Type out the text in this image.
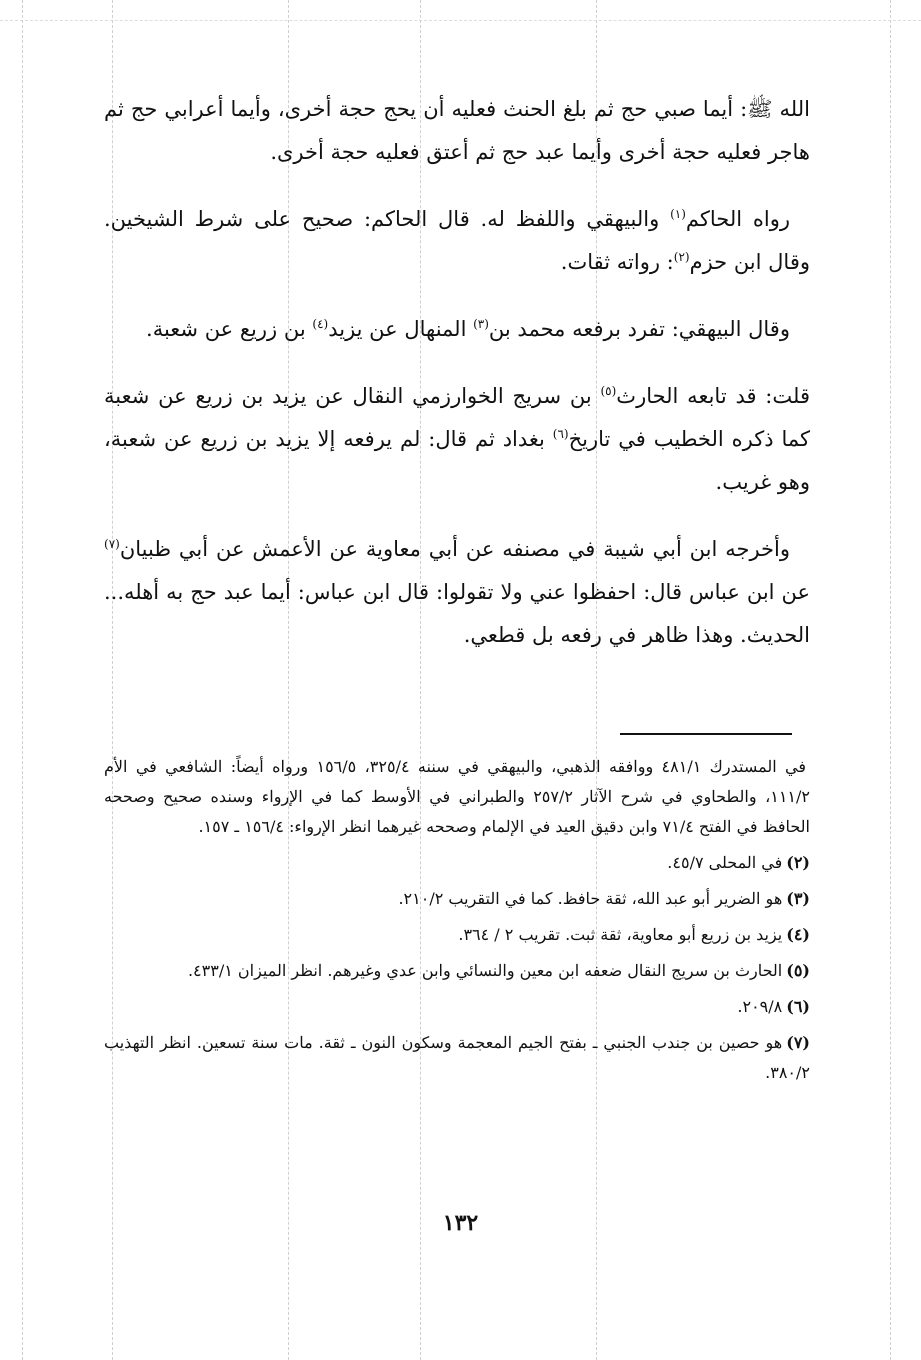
الله ﷺ: أيما صبي حج ثم بلغ الحنث فعليه أن يحج حجة أخرى، وأيما أعرابي حج ثم هاجر فعليه حجة أخرى وأيما عبد حج ثم أعتق فعليه حجة أخرى.

رواه الحاكم$^{(١)}$ والبيهقي واللفظ له. قال الحاكم: صحيح على شرط الشيخين. وقال ابن حزم$^{(٢)}$: رواته ثقات.

وقال البيهقي: تفرد برفعه محمد بن$^{(٣)}$ المنهال عن يزيد$^{(٤)}$ بن زريع عن شعبة.

قلت: قد تابعه الحارث$^{(٥)}$ بن سريج الخوارزمي النقال عن يزيد بن زريع عن شعبة كما ذكره الخطيب في تاريخ$^{(٦)}$ بغداد ثم قال: لم يرفعه إلا يزيد بن زريع عن شعبة، وهو غريب.

وأخرجه ابن أبي شيبة في مصنفه عن أبي معاوية عن الأعمش عن أبي ظبيان$^{(٧)}$ عن ابن عباس قال: احفظوا عني ولا تقولوا: قال ابن عباس: أيما عبد حج به أهله... الحديث. وهذا ظاهر في رفعه بل قطعي.

في المستدرك ٤٨١/١ ووافقه الذهبي، والبيهقي في سننه ٣٢٥/٤، ١٥٦/٥ ورواه أيضاً: الشافعي في الأم ١١١/٢، والطحاوي في شرح الآثار ٢٥٧/٢ والطبراني في الأوسط كما في الإرواء وسنده صحيح وصححه الحافظ في الفتح ٧١/٤ وابن دقيق العيد في الإلمام وصححه غيرهما انظر الإرواء: ١٥٦/٤ ـ ١٥٧.
(٢)في المحلى ٤٥/٧.
(٣)هو الضرير أبو عبد الله، ثقة حافظ. كما في التقريب ٢١٠/٢.
(٤)يزيد بن زريع أبو معاوية، ثقة ثبت. تقريب ٢ / ٣٦٤.
(٥)الحارث بن سريج النقال ضعفه ابن معين والنسائي وابن عدي وغيرهم. انظر الميزان ٤٣٣/١.
(٦)٢٠٩/٨.
(٧)هو حصين بن جندب الجنبي ـ بفتح الجيم المعجمة وسكون النون ـ ثقة. مات سنة تسعين. انظر التهذيب ٣٨٠/٢.
١٣٢
